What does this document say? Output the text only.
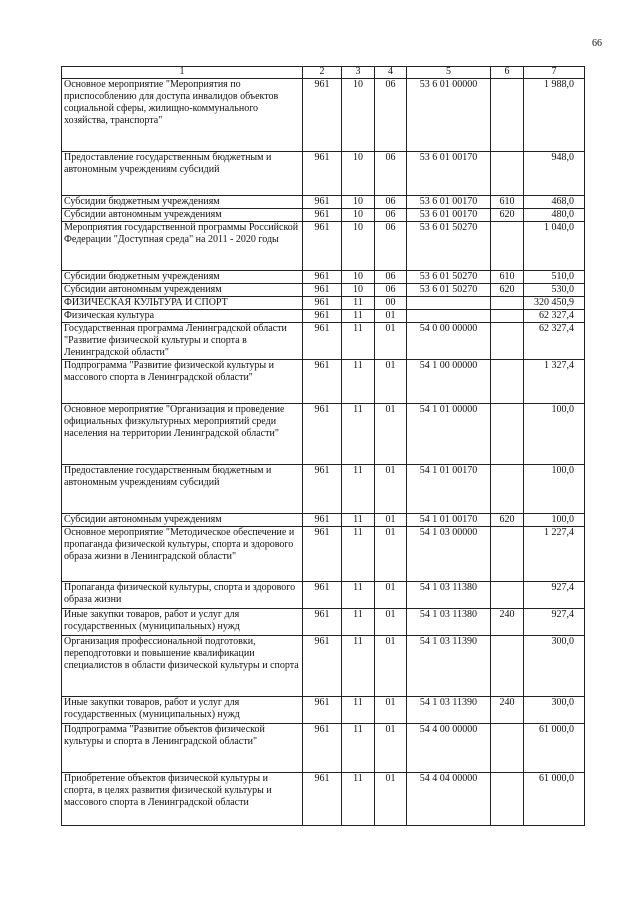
66
1	2	3	4	5	6	7
Основное мероприятие "Мероприятия по приспособлению для доступа инвалидов объектов социальной сферы, жилищно-коммунального хозяйства, транспорта"	961	10	06	53 6 01 00000		1 988,0
Предоставление государственным бюджетным и автономным учреждениям субсидий	961	10	06	53 6 01 00170		948,0
Субсидии бюджетным учреждениям	961	10	06	53 6 01 00170	610	468,0
Субсидии автономным учреждениям	961	10	06	53 6 01 00170	620	480,0
Мероприятия государственной программы Российской Федерации "Доступная среда" на 2011 - 2020 годы	961	10	06	53 6 01 50270		1 040,0
Субсидии бюджетным учреждениям	961	10	06	53 6 01 50270	610	510,0
Субсидии автономным учреждениям	961	10	06	53 6 01 50270	620	530,0
ФИЗИЧЕСКАЯ КУЛЬТУРА И СПОРТ	961	11	00			320 450,9
Физическая культура	961	11	01			62 327,4
Государственная программа Ленинградской области "Развитие физической культуры и спорта в Ленинградской области"	961	11	01	54 0 00 00000		62 327,4
Подпрограмма "Развитие физической культуры и массового спорта в Ленинградской области"	961	11	01	54 1 00 00000		1 327,4
Основное мероприятие "Организация и проведение официальных физкультурных мероприятий среди населения на территории Ленинградской области"	961	11	01	54 1 01 00000		100,0
Предоставление государственным бюджетным и автономным учреждениям субсидий	961	11	01	54 1 01 00170		100,0
Субсидии автономным учреждениям	961	11	01	54 1 01 00170	620	100,0
Основное мероприятие "Методическое обеспечение и пропаганда физической культуры, спорта и здорового образа жизни в Ленинградской области"	961	11	01	54 1 03 00000		1 227,4
Пропаганда физической культуры, спорта и здорового образа жизни	961	11	01	54 1 03 11380		927,4
Иные закупки товаров, работ и услуг для государственных (муниципальных) нужд	961	11	01	54 1 03 11380	240	927,4
Организация профессиональной подготовки, переподготовки и повышение квалификации специалистов в области физической культуры и спорта	961	11	01	54 1 03 11390		300,0
Иные закупки товаров, работ и услуг для государственных (муниципальных) нужд	961	11	01	54 1 03 11390	240	300,0
Подпрограмма "Развитие объектов физической культуры и спорта в Ленинградской области"	961	11	01	54 4 00 00000		61 000,0
Приобретение объектов физической культуры и спорта, в целях развития физической культуры и массового спорта в Ленинградской области	961	11	01	54 4 04 00000		61 000,0
